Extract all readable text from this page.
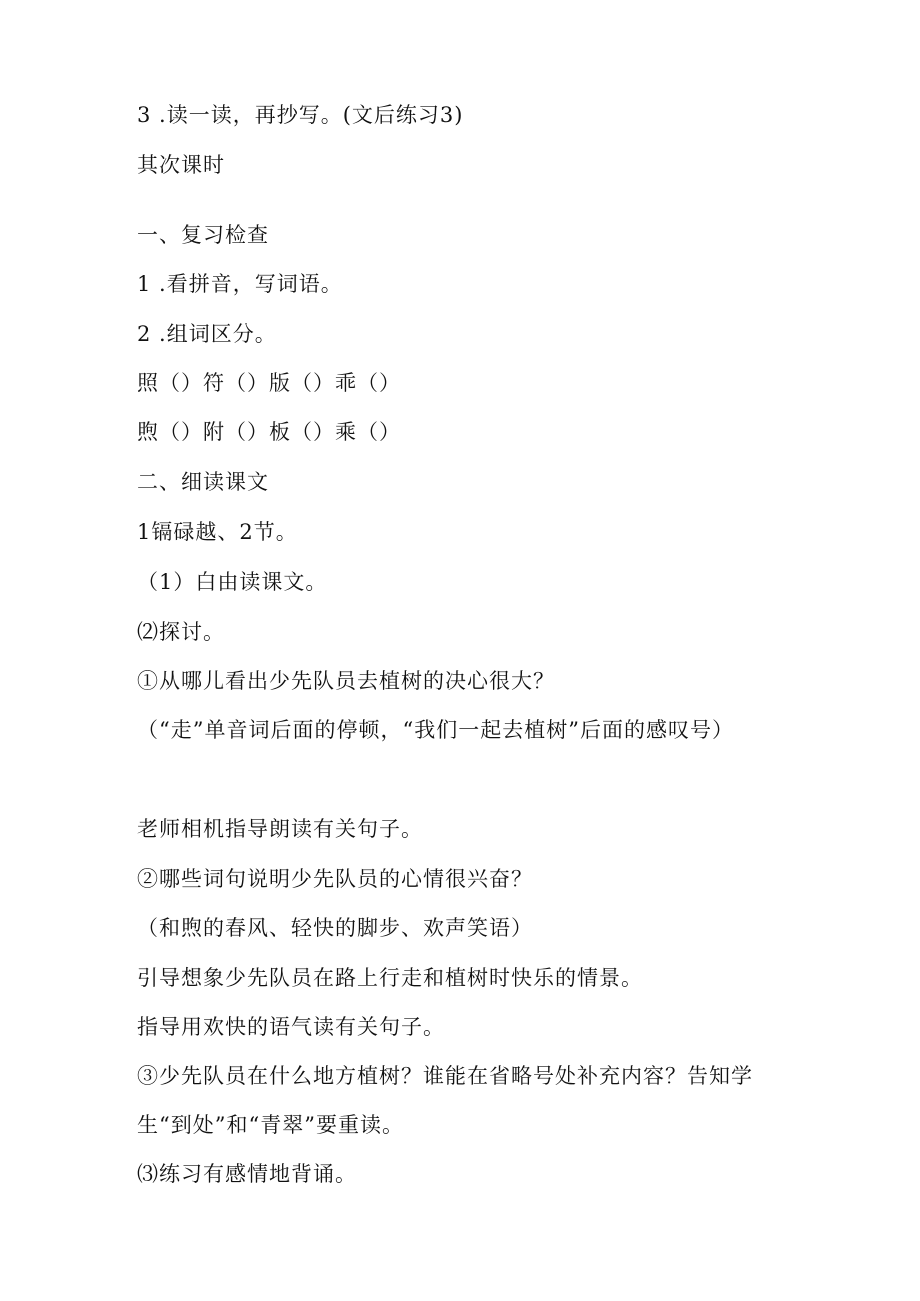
3 .读一读，再抄写。(文后练习3)
其次课时
一、复习检查
1 .看拼音，写词语。
2 .组词区分。
照（）符（）版（）乖（）
煦（）附（）板（）乘（）
二、细读课文
1镉碌越、2节。
（1）白由读课文。
⑵探讨。
①从哪儿看出少先队员去植树的决心很大？
（“走”单音词后面的停顿，“我们一起去植树”后面的感叹号）
老师相机指导朗读有关句子。
②哪些词句说明少先队员的心情很兴奋？
（和煦的春风、轻快的脚步、欢声笑语）
引导想象少先队员在路上行走和植树时快乐的情景。
指导用欢快的语气读有关句子。
③少先队员在什么地方植树？谁能在省略号处补充内容？告知学生“到处”和“青翠”要重读。
⑶练习有感情地背诵。
